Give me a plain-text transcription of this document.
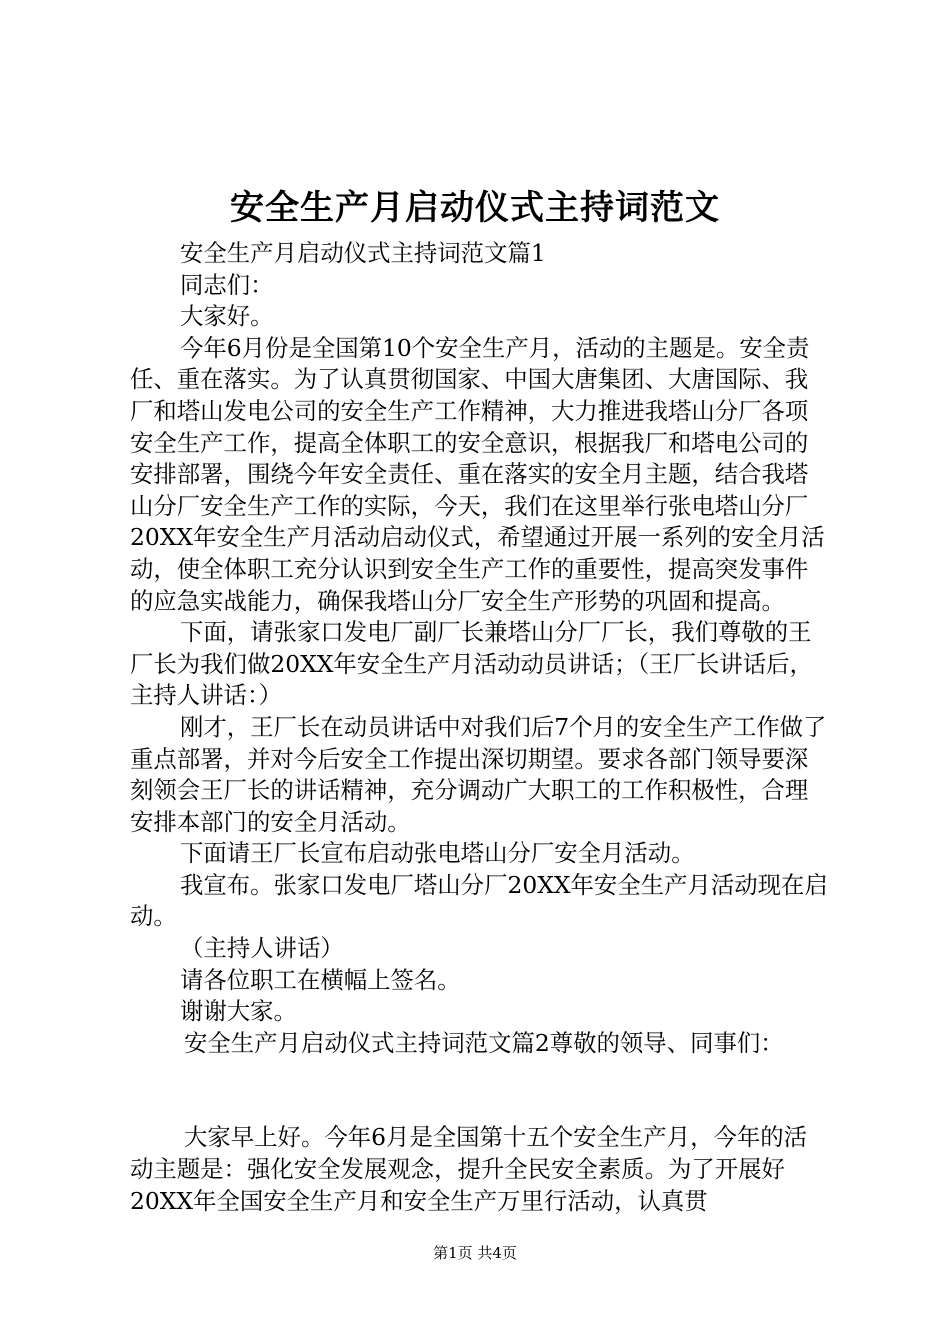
安全生产月启动仪式主持词范文

安全生产月启动仪式主持词范文篇1

同志们：

大家好。

今年6月份是全国第10个安全生产月，活动的主题是。安全责任、重在落实。为了认真贯彻国家、中国大唐集团、大唐国际、我厂和塔山发电公司的安全生产工作精神，大力推进我塔山分厂各项安全生产工作，提高全体职工的安全意识，根据我厂和塔电公司的安排部署，围绕今年安全责任、重在落实的安全月主题，结合我塔山分厂安全生产工作的实际，今天，我们在这里举行张电塔山分厂20XX年安全生产月活动启动仪式，希望通过开展一系列的安全月活动，使全体职工充分认识到安全生产工作的重要性，提高突发事件的应急实战能力，确保我塔山分厂安全生产形势的巩固和提高。

下面，请张家口发电厂副厂长兼塔山分厂厂长，我们尊敬的王厂长为我们做20XX年安全生产月活动动员讲话；（王厂长讲话后，主持人讲话：）

刚才，王厂长在动员讲话中对我们后7个月的安全生产工作做了重点部署，并对今后安全工作提出深切期望。要求各部门领导要深刻领会王厂长的讲话精神，充分调动广大职工的工作积极性，合理安排本部门的安全月活动。

下面请王厂长宣布启动张电塔山分厂安全月活动。

我宣布。张家口发电厂塔山分厂20XX年安全生产月活动现在启动。

（主持人讲话）

请各位职工在横幅上签名。

谢谢大家。

安全生产月启动仪式主持词范文篇2尊敬的领导、同事们：

大家早上好。今年6月是全国第十五个安全生产月，今年的活动主题是：强化安全发展观念，提升全民安全素质。为了开展好20XX年全国安全生产月和安全生产万里行活动，认真贯

第1页 共4页
